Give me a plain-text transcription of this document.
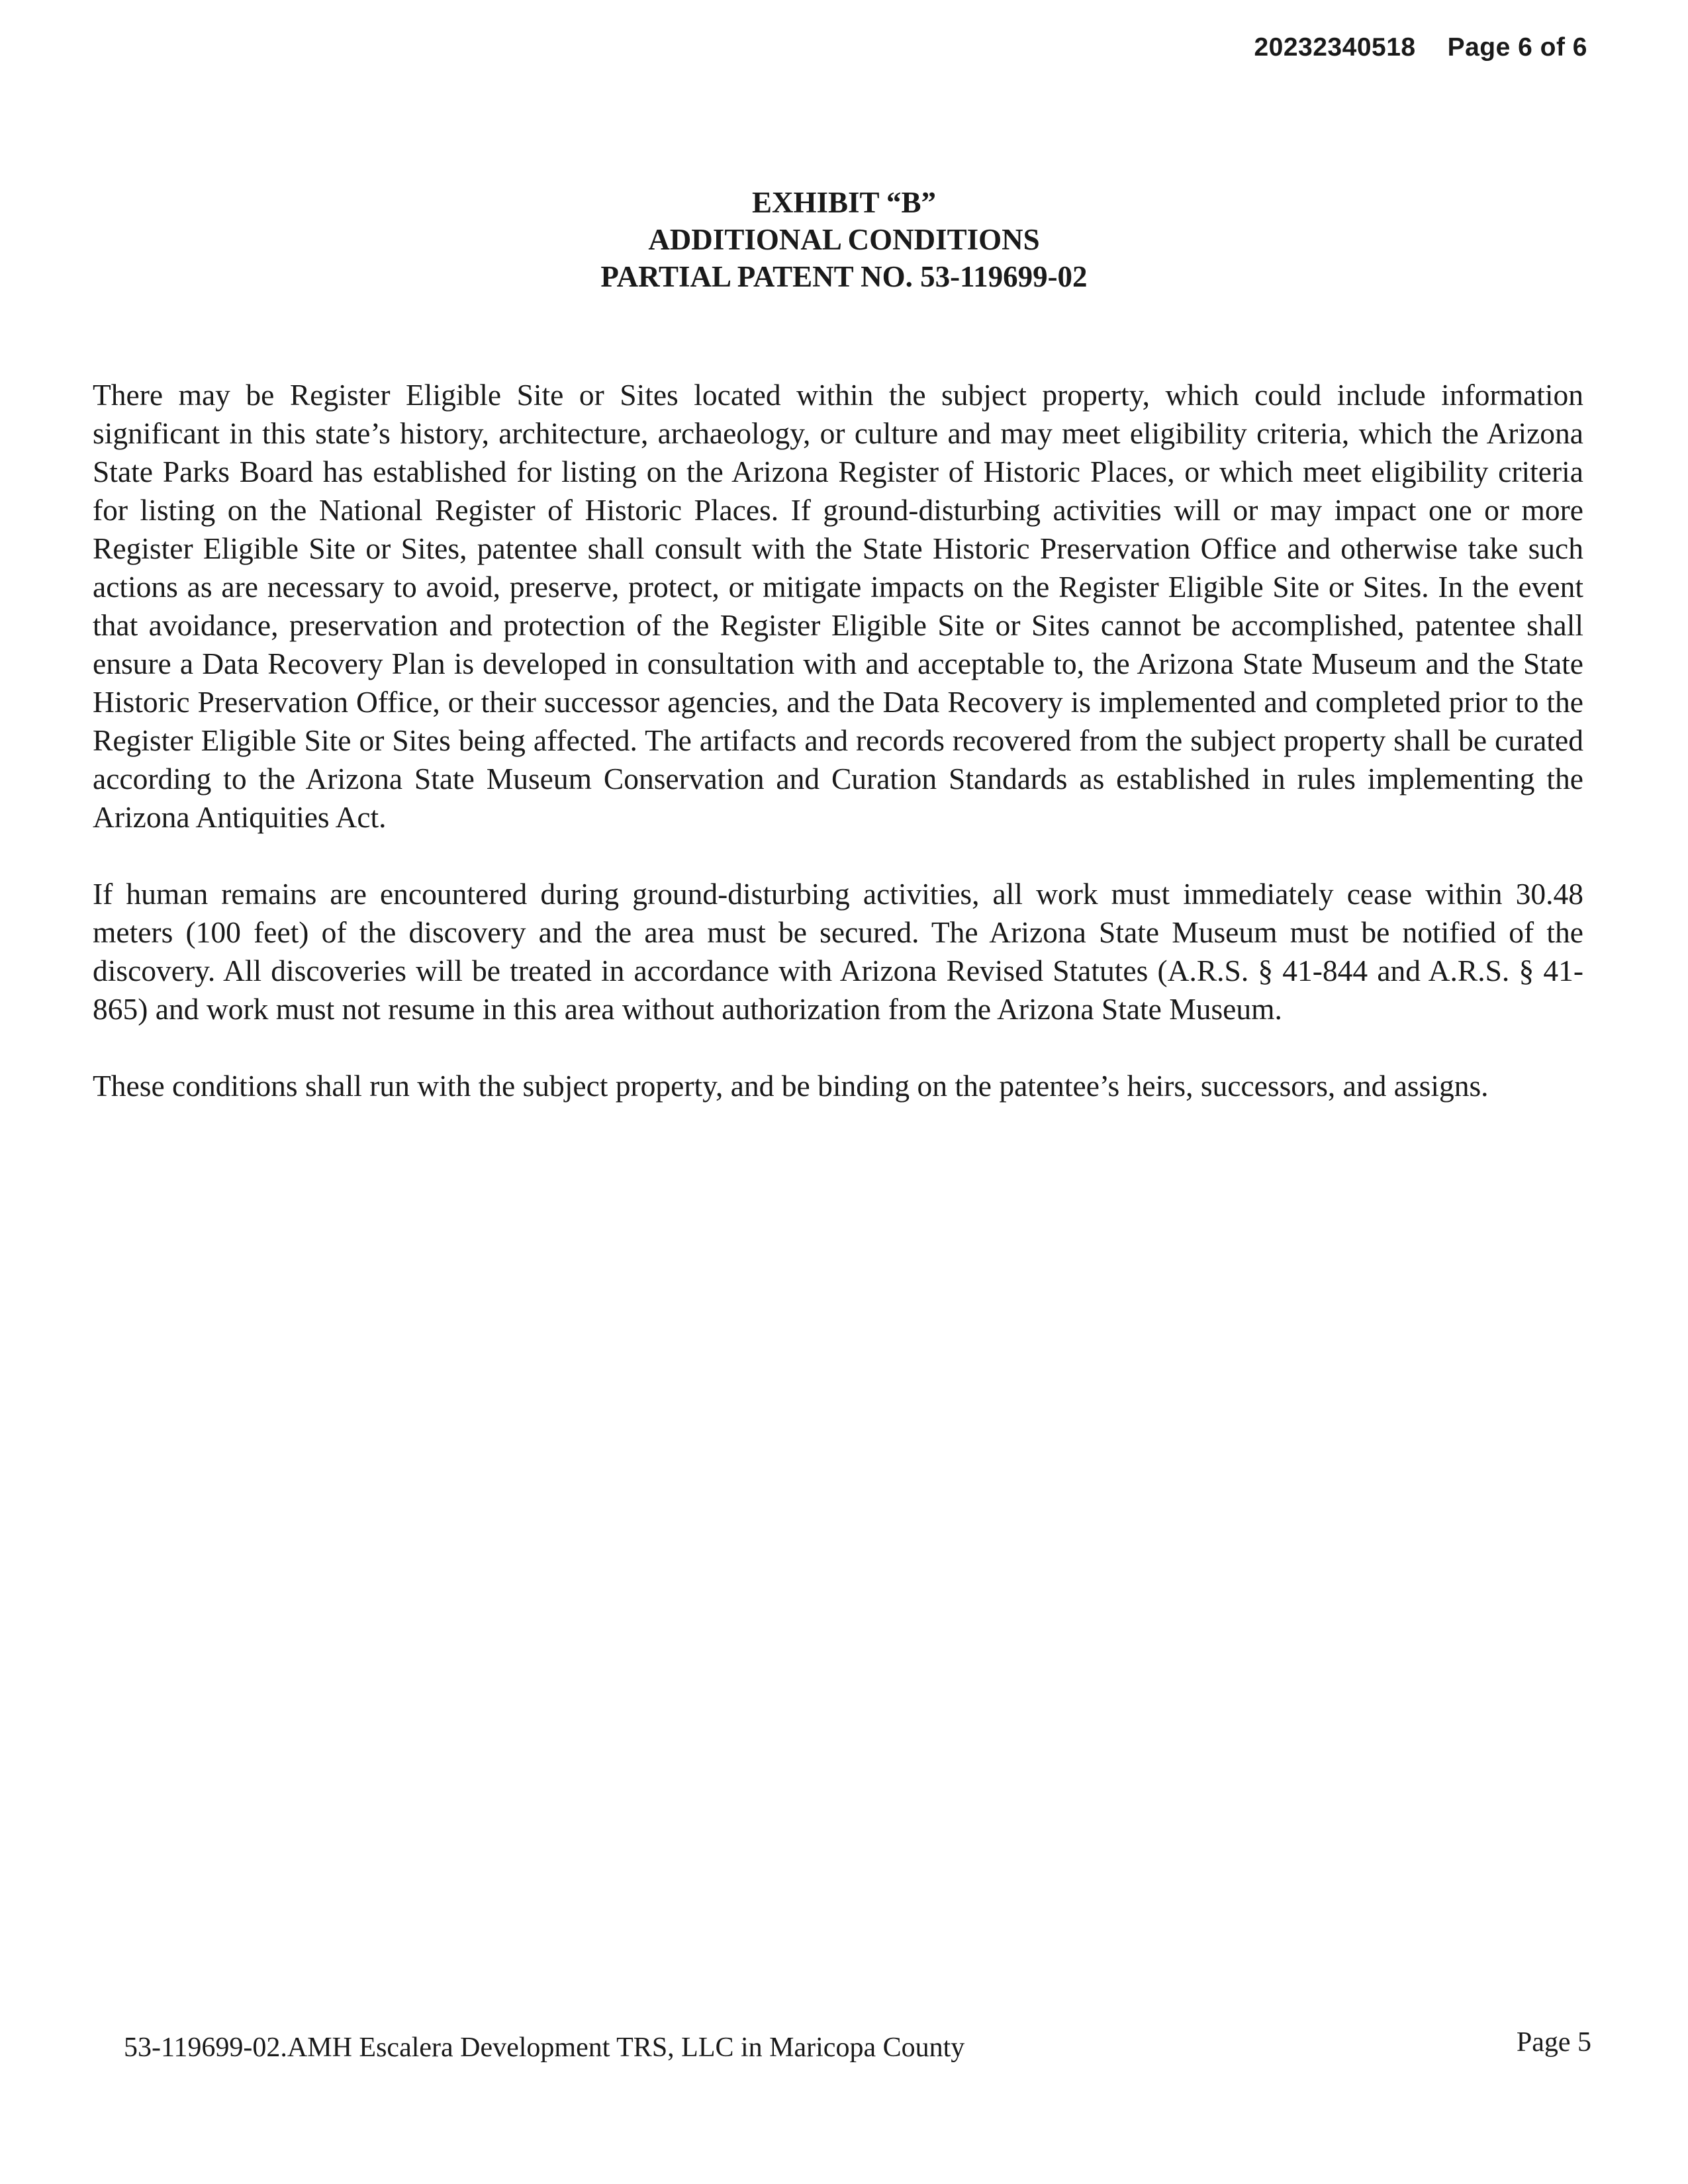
20232340518 Page 6 of 6
EXHIBIT “B”
ADDITIONAL CONDITIONS
PARTIAL PATENT NO. 53-119699-02

There may be Register Eligible Site or Sites located within the subject property, which could include information significant in this state’s history, architecture, archaeology, or culture and may meet eligibility criteria, which the Arizona State Parks Board has established for listing on the Arizona Register of Historic Places, or which meet eligibility criteria for listing on the National Register of Historic Places. If ground-disturbing activities will or may impact one or more Register Eligible Site or Sites, patentee shall consult with the State Historic Preservation Office and otherwise take such actions as are necessary to avoid, preserve, protect, or mitigate impacts on the Register Eligible Site or Sites. In the event that avoidance, preservation and protection of the Register Eligible Site or Sites cannot be accomplished, patentee shall ensure a Data Recovery Plan is developed in consultation with and acceptable to, the Arizona State Museum and the State Historic Preservation Office, or their successor agencies, and the Data Recovery is implemented and completed prior to the Register Eligible Site or Sites being affected. The artifacts and records recovered from the subject property shall be curated according to the Arizona State Museum Conservation and Curation Standards as established in rules implementing the Arizona Antiquities Act.

If human remains are encountered during ground-disturbing activities, all work must immediately cease within 30.48 meters (100 feet) of the discovery and the area must be secured. The Arizona State Museum must be notified of the discovery. All discoveries will be treated in accordance with Arizona Revised Statutes (A.R.S. § 41-844 and A.R.S. § 41-865) and work must not resume in this area without authorization from the Arizona State Museum.

These conditions shall run with the subject property, and be binding on the patentee’s heirs, successors, and assigns.

53-119699-02.AMH Escalera Development TRS, LLC in Maricopa County	Page 5
